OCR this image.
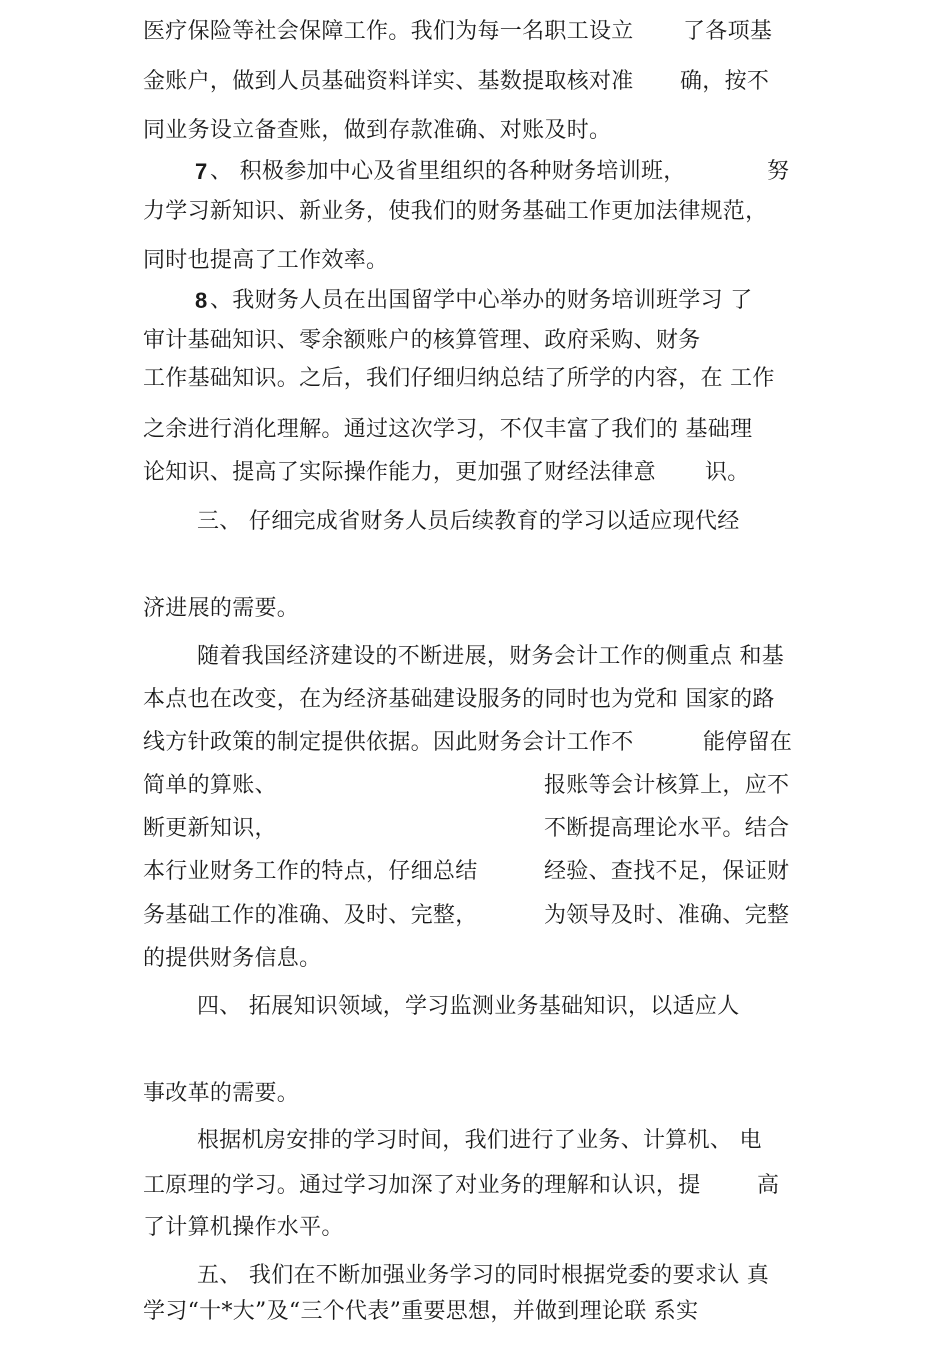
医疗保险等社会保障工作。我们为每一名职工设立 了各项基
金账户，做到人员基础资料详实、基数提取核对准 确，按不
同业务设立备查账，做到存款准确、对账及时。
7 、 积极参加中心及省里组织的各种财务培训班，	努
力学习新知识、新业务，使我们的财务基础工作更加法律规范，
同时也提高了工作效率。
8 、我财务人员在出国留学中心举办的财务培训班学习 了
审计基础知识、零余额账户的核算管理、政府采购、财务
工作基础知识。之后，我们仔细归纳总结了所学的内容，在 工作
之余进行消化理解。通过这次学习，不仅丰富了我们的 基础理
论知识、提高了实际操作能力，更加强了财经法律意 识。
三、 仔细完成省财务人员后续教育的学习以适应现代经
济进展的需要。
随着我国经济建设的不断进展，财务会计工作的侧重点 和基
本点也在改变，在为经济基础建设服务的同时也为党和 国家的路
线方针政策的制定提供依据。因此财务会计工作不	能停留在
简单的算账、	报账等会计核算上，应不
断更新知识，	不断提高理论水平。结合
本行业财务工作的特点，仔细总结	经验、查找不足，保证财
务基础工作的准确、及时、完整，	为领导及时、准确、完整
的提供财务信息。
四、 拓展知识领域，学习监测业务基础知识，以适应人
事改革的需要。
根据机房安排的学习时间，我们进行了业务、计算机、 电
工原理的学习。通过学习加深了对业务的理解和认识，提	高
了计算机操作水平。
五、 我们在不断加强业务学习的同时根据党委的要求认 真
学习“十*大”及“三个代表”重要思想，并做到理论联 系实
